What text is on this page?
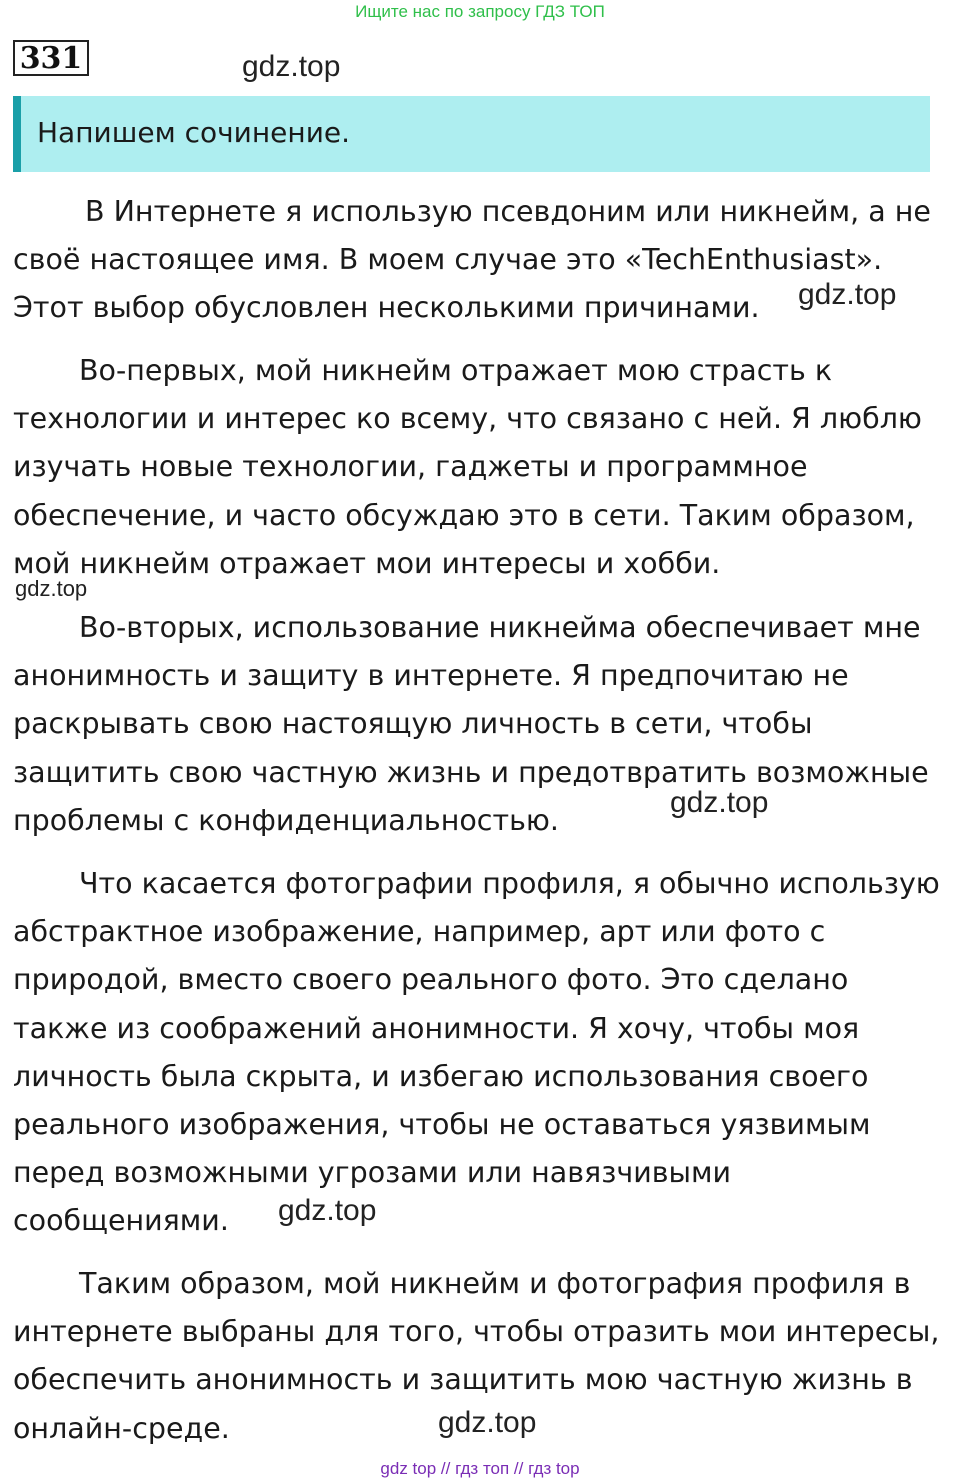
Ищите нас по запросу ГДЗ ТОП
331	gdz.top
Напишем сочинение.

В Интернете я использую псевдоним или никнейм, а не своё настоящее имя. В моем случае это «TechEnthusiast». Этот выбор обусловлен несколькими причинами.	gdz.top

Во-первых, мой никнейм отражает мою страсть к технологии и интерес ко всему, что связано с ней. Я люблю изучать новые технологии, гаджеты и программное обеспечение, и часто обсуждаю это в сети. Таким образом, мой никнейм отражает мои интересы и хобби.

gdz.top

Во-вторых, использование никнейма обеспечивает мне анонимность и защиту в интернете. Я предпочитаю не раскрывать свою настоящую личность в сети, чтобы защитить свою частную жизнь и предотвратить возможные проблемы с конфиденциальностью.

gdz.top

Что касается фотографии профиля, я обычно использую абстрактное изображение, например, арт или фото с природой, вместо своего реального фото. Это сделано также из соображений анонимности. Я хочу, чтобы моя личность была скрыта, и избегаю использования своего реального изображения, чтобы не оставаться уязвимым перед возможными угрозами или навязчивыми сообщениями.	gdz.top

Таким образом, мой никнейм и фотография профиля в интернете выбраны для того, чтобы отразить мои интересы, обеспечить анонимность и защитить мою частную жизнь в онлайн-среде.	gdz.top
gdz top // гдз топ // гдз top
